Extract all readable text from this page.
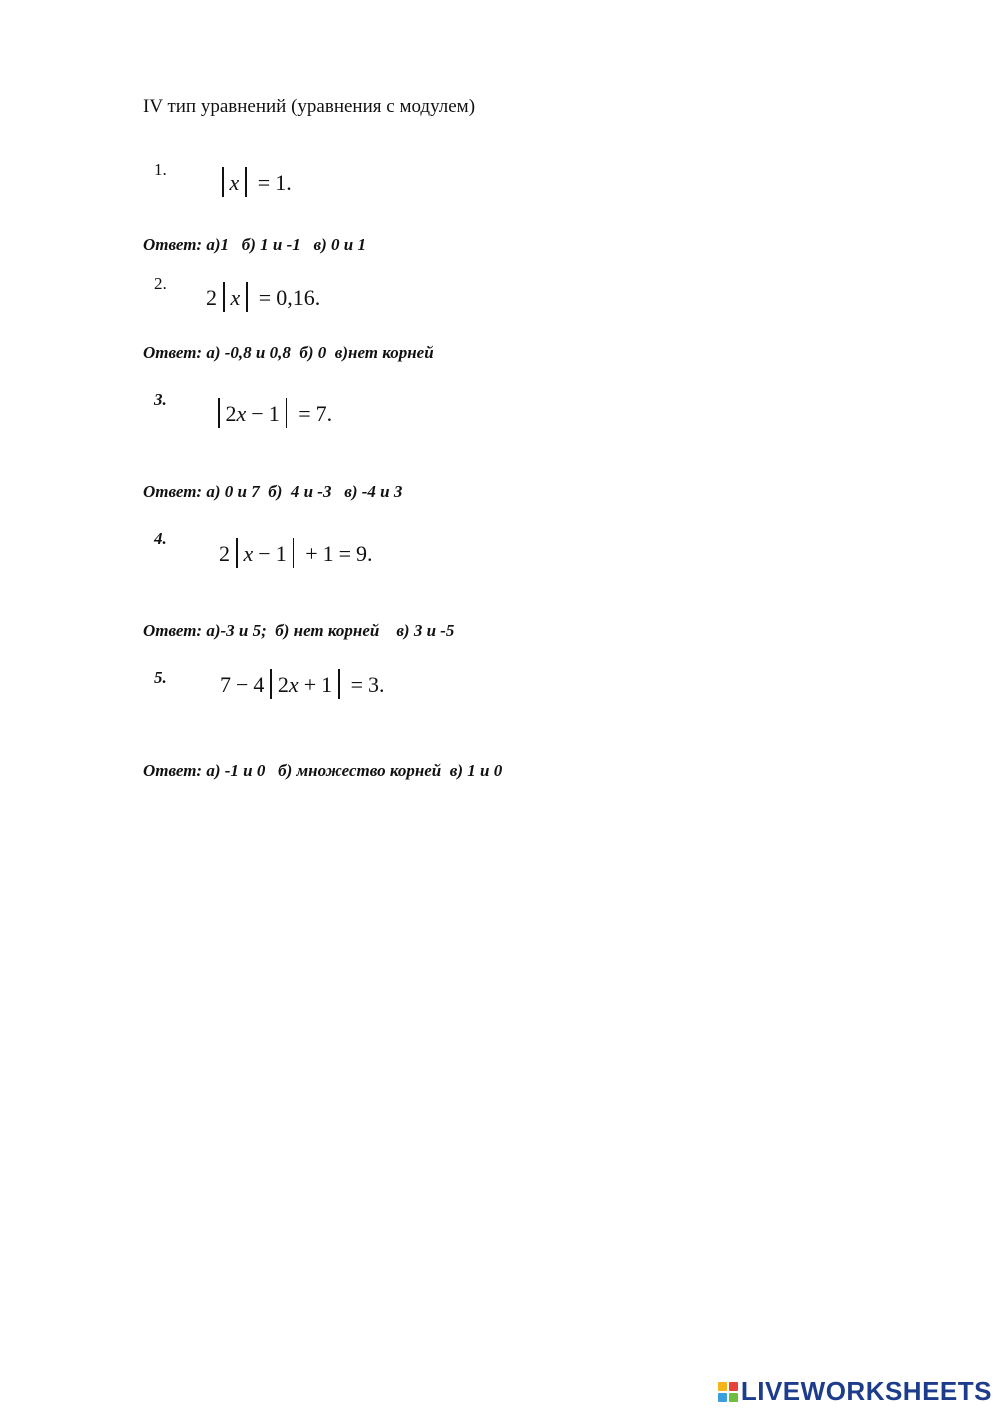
IV тип уравнений (уравнения с модулем)
1.
x = 1.
Ответ: а)1   б) 1 и -1   в) 0 и 1
2.
2 x = 0,16.
Ответ: а) -0,8 и 0,8  б) 0  в)нет корней
3.
2x − 1 = 7.
Ответ: а) 0 и 7  б)  4 и -3   в) -4 и 3
4.
2 x − 1 + 1 = 9.
Ответ: а)-3 и 5;  б) нет корней    в) 3 и -5
5. 7 − 4 2x + 1 = 3.
Ответ: а) -1 и 0   б) множество корней  в) 1 и 0
LIVEWORKSHEETS
